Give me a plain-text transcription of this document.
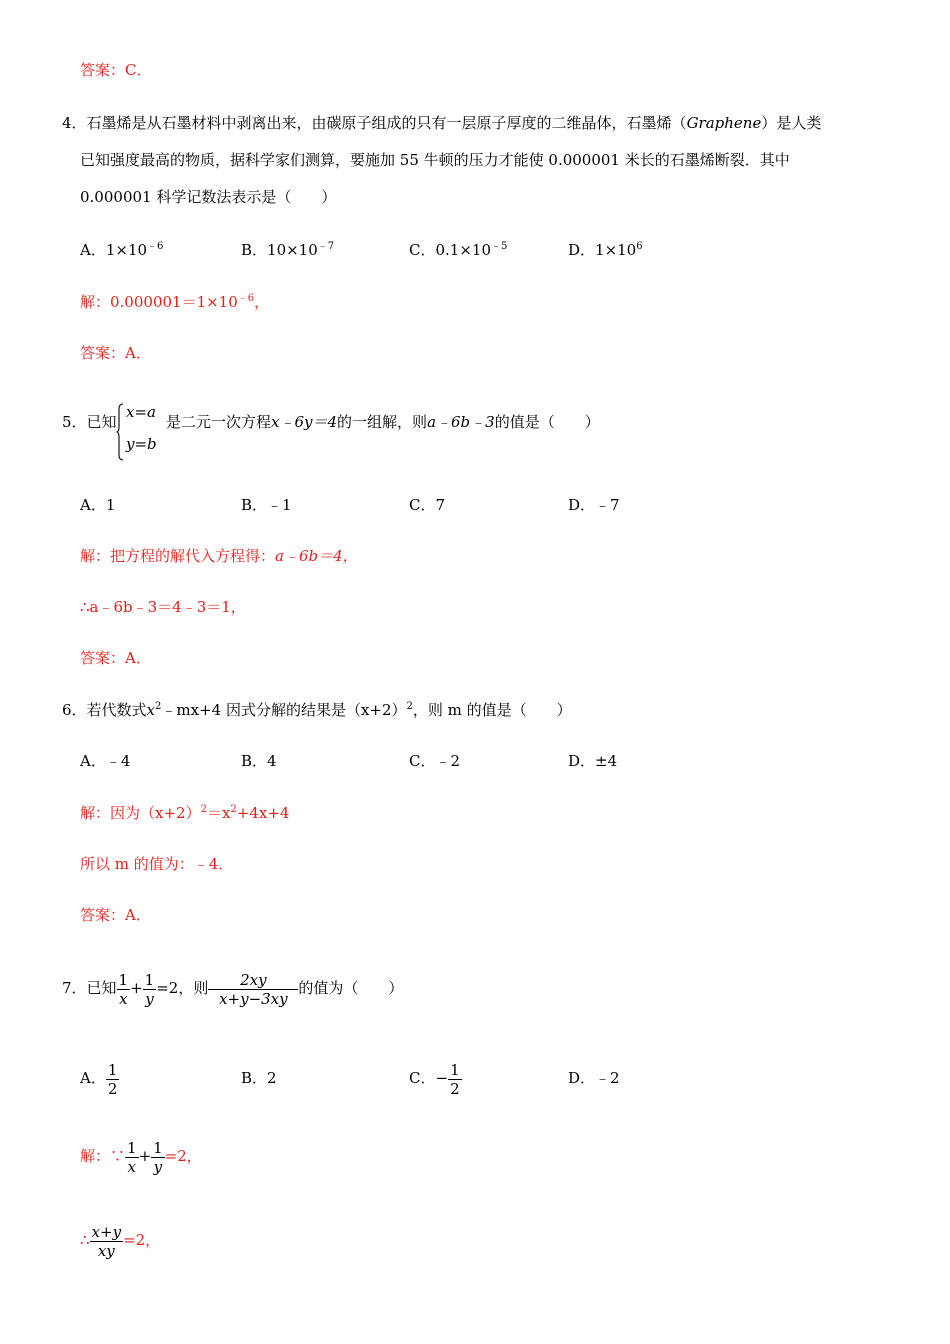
答案：C．
4．石墨烯是从石墨材料中剥离出来，由碳原子组成的只有一层原子厚度的二维晶体，石墨烯（Graphene）是人类
已知强度最高的物质，据科学家们测算，要施加 55 牛顿的压力才能使 0.000001 米长的石墨烯断裂．其中
0.000001 科学记数法表示是（　　）
A．$1\times 10^{﹣6}$	B．$10\times 10^{﹣7}$	C．$0.1\times 10^{﹣5}$	D．$1\times 10^6$
解：$0.000001=1\times 10^{﹣6}$，
答案：A．
5．已知
x=a
y=b
是二元一次方程x﹣6y＝4的一组解，则a﹣6b﹣3的值是（　　）
A．1	B．﹣1	C．7	D．﹣7
解：把方程的解代入方程得：a﹣6b＝4，
∴a﹣6b﹣3＝4﹣3＝1，
答案：A．
6．若代数式$x^2﹣mx+4$ 因式分解的结果是$(x+2)^2$，则 m 的值是（　　）
A．﹣4	B．4	C．﹣2	D．±4
解：因为$(x+2)^2=x^2+4x+4$
所以 m 的值为：﹣4．
答案：A．
7．已知 $\frac{1}{x} + \frac{1}{y} =2$，则 $\frac{2xy}{x+y-3xy}$ 的值为（　　）
A． $\frac{1}{2}$	B．2	C．− $\frac{1}{2}$	D．﹣2
解：∵ $\frac{1}{x} + \frac{1}{y} =2$，
∴ $\frac{x+y}{xy} =2$，
